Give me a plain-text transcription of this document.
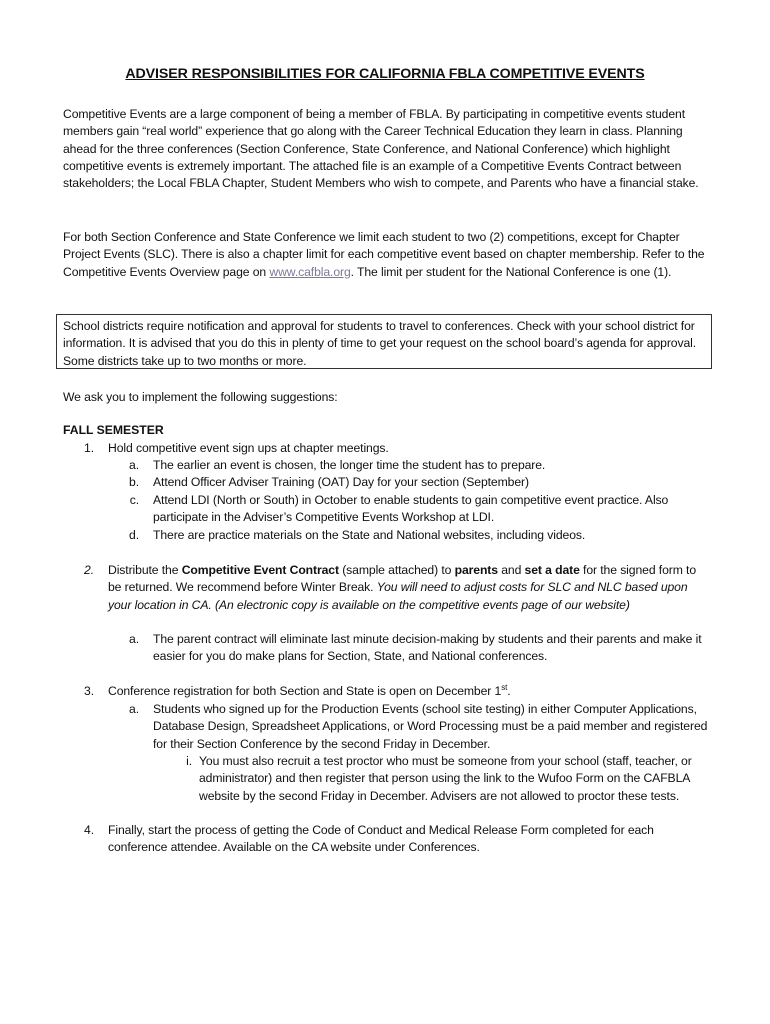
ADVISER RESPONSIBILITIES FOR CALIFORNIA FBLA COMPETITIVE EVENTS
Competitive Events are a large component of being a member of FBLA. By participating in competitive events student members gain “real world” experience that go along with the Career Technical Education they learn in class. Planning ahead for the three conferences (Section Conference, State Conference, and National Conference) which highlight competitive events is extremely important. The attached file is an example of a Competitive Events Contract between stakeholders; the Local FBLA Chapter, Student Members who wish to compete, and Parents who have a financial stake.
For both Section Conference and State Conference we limit each student to two (2) competitions, except for Chapter Project Events (SLC). There is also a chapter limit for each competitive event based on chapter membership. Refer to the Competitive Events Overview page on www.cafbla.org. The limit per student for the National Conference is one (1).
School districts require notification and approval for students to travel to conferences. Check with your school district for information. It is advised that you do this in plenty of time to get your request on the school board’s agenda for approval. Some districts take up to two months or more.
We ask you to implement the following suggestions:
FALL SEMESTER
1. Hold competitive event sign ups at chapter meetings.
a. The earlier an event is chosen, the longer time the student has to prepare.
b. Attend Officer Adviser Training (OAT) Day for your section (September)
c. Attend LDI (North or South) in October to enable students to gain competitive event practice. Also participate in the Adviser’s Competitive Events Workshop at LDI.
d. There are practice materials on the State and National websites, including videos.
2. Distribute the Competitive Event Contract (sample attached) to parents and set a date for the signed form to be returned. We recommend before Winter Break. You will need to adjust costs for SLC and NLC based upon your location in CA. (An electronic copy is available on the competitive events page of our website)
a. The parent contract will eliminate last minute decision-making by students and their parents and make it easier for you do make plans for Section, State, and National conferences.
3. Conference registration for both Section and State is open on December 1st.
a. Students who signed up for the Production Events (school site testing) in either Computer Applications, Database Design, Spreadsheet Applications, or Word Processing must be a paid member and registered for their Section Conference by the second Friday in December.
i. You must also recruit a test proctor who must be someone from your school (staff, teacher, or administrator) and then register that person using the link to the Wufoo Form on the CAFBLA website by the second Friday in December. Advisers are not allowed to proctor these tests.
4. Finally, start the process of getting the Code of Conduct and Medical Release Form completed for each conference attendee. Available on the CA website under Conferences.
